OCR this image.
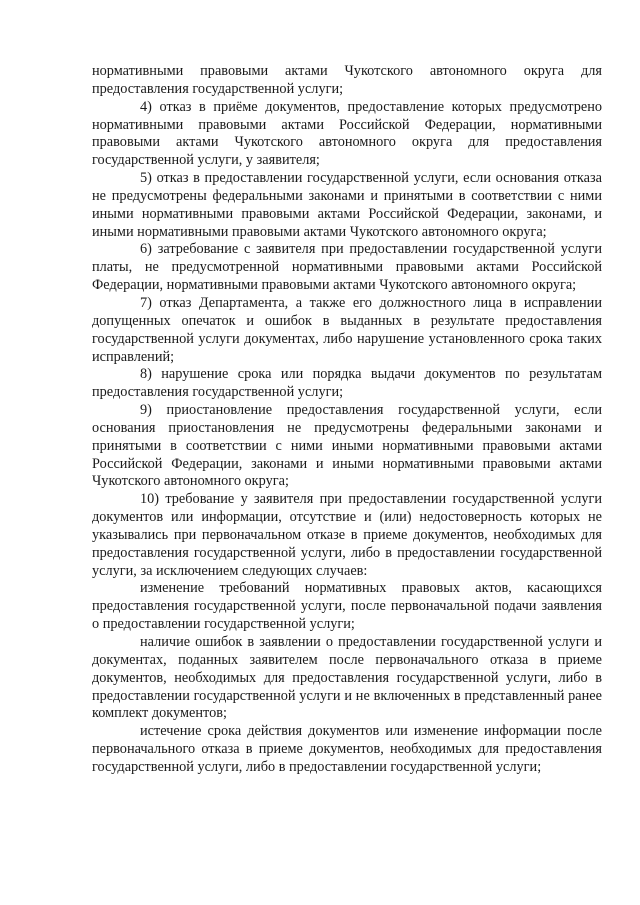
нормативными правовыми актами Чукотского автономного округа для предоставления государственной услуги;

4) отказ в приёме документов, предоставление которых предусмотрено нормативными правовыми актами Российской Федерации, нормативными правовыми актами Чукотского автономного округа для предоставления государственной услуги, у заявителя;

5) отказ в предоставлении государственной услуги, если основания отказа не предусмотрены федеральными законами и принятыми в соответствии с ними иными нормативными правовыми актами Российской Федерации, законами, и иными нормативными правовыми актами Чукотского автономного округа;

6) затребование с заявителя при предоставлении государственной услуги платы, не предусмотренной нормативными правовыми актами Российской Федерации, нормативными правовыми актами Чукотского автономного округа;

7) отказ Департамента, а также его должностного лица в исправлении допущенных опечаток и ошибок в выданных в результате предоставления государственной услуги документах, либо нарушение установленного срока таких исправлений;

8) нарушение срока или порядка выдачи документов по результатам предоставления государственной услуги;

9) приостановление предоставления государственной услуги, если основания приостановления не предусмотрены федеральными законами и принятыми в соответствии с ними иными нормативными правовыми актами Российской Федерации, законами и иными нормативными правовыми актами Чукотского автономного округа;

10) требование у заявителя при предоставлении государственной услуги документов или информации, отсутствие и (или) недостоверность которых не указывались при первоначальном отказе в приеме документов, необходимых для предоставления государственной услуги, либо в предоставлении государственной услуги, за исключением следующих случаев:

изменение требований нормативных правовых актов, касающихся предоставления государственной услуги, после первоначальной подачи заявления о предоставлении государственной услуги;

наличие ошибок в заявлении о предоставлении государственной услуги и документах, поданных заявителем после первоначального отказа в приеме документов, необходимых для предоставления государственной услуги, либо в предоставлении государственной услуги и не включенных в представленный ранее комплект документов;

истечение срока действия документов или изменение информации после первоначального отказа в приеме документов, необходимых для предоставления государственной услуги, либо в предоставлении государственной услуги;
